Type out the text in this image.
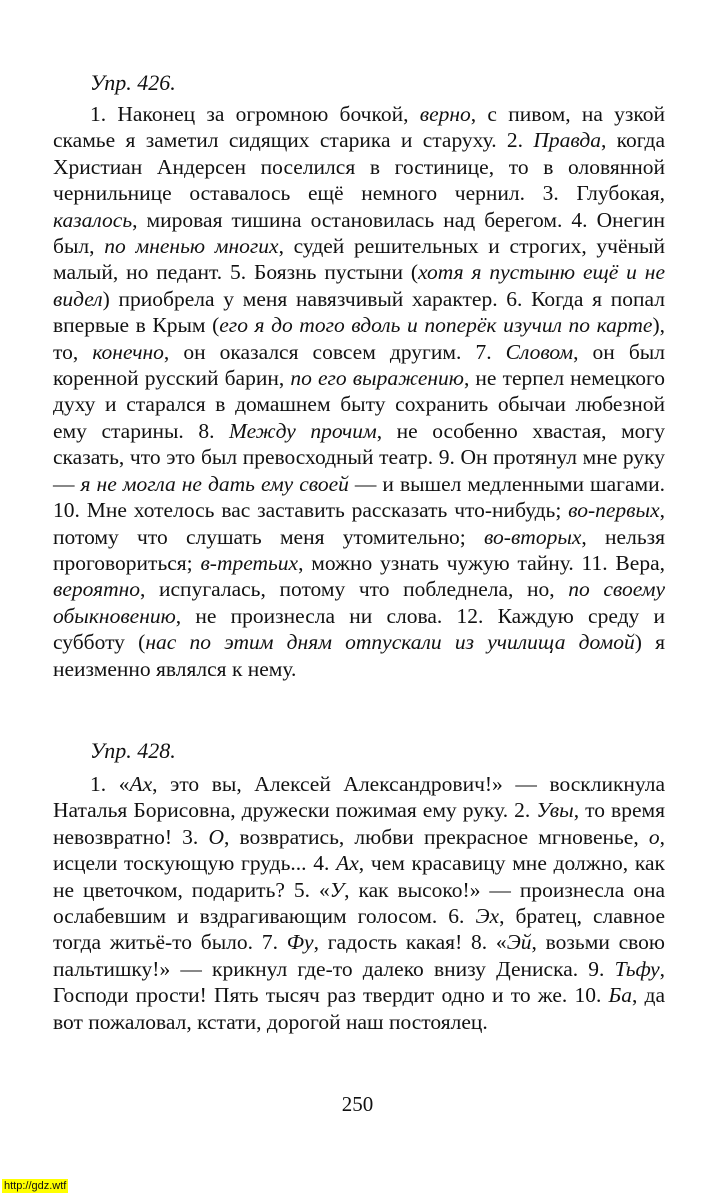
Упр. 426.

1. Наконец за огромною бочкой, верно, с пивом, на узкой скамье я заметил сидящих старика и старуху. 2. Правда, когда Христиан Андерсен поселился в гостинице, то в оловянной чернильнице оставалось ещё немного чернил. 3. Глубокая, казалось, мировая тишина остановилась над берегом. 4. Онегин был, по мненью многих, судей решительных и строгих, учёный малый, но педант. 5. Боязнь пустыни (хотя я пустыню ещё и не видел) приобрела у меня навязчивый характер. 6. Когда я попал впервые в Крым (его я до того вдоль и поперёк изучил по карте), то, конечно, он оказался совсем другим. 7. Словом, он был коренной русский барин, по его выражению, не терпел немецкого духу и старался в домашнем быту сохранить обычаи любезной ему старины. 8. Между прочим, не особенно хвастая, могу сказать, что это был превосходный театр. 9. Он протянул мне руку — я не могла не дать ему своей — и вышел медленными шагами. 10. Мне хотелось вас заставить рассказать что-нибудь; во-первых, потому что слушать меня утомительно; во-вторых, нельзя проговориться; в-третьих, можно узнать чужую тайну. 11. Вера, вероятно, испугалась, потому что побледнела, но, по своему обыкновению, не произнесла ни слова. 12. Каждую среду и субботу (нас по этим дням отпускали из училища домой) я неизменно являлся к нему.

Упр. 428.

1. «Ах, это вы, Алексей Александрович!» — воскликнула Наталья Борисовна, дружески пожимая ему руку. 2. Увы, то время невозвратно! 3. О, возвратись, любви прекрасное мгновенье, о, исцели тоскующую грудь... 4. Ах, чем красавицу мне должно, как не цветочком, подарить? 5. «У, как высоко!» — произнесла она ослабевшим и вздрагивающим голосом. 6. Эх, братец, славное тогда житьё-то было. 7. Фу, гадость какая! 8. «Эй, возьми свою пальтишку!» — крикнул где-то далеко внизу Дениска. 9. Тьфу, Господи прости! Пять тысяч раз твердит одно и то же. 10. Ба, да вот пожаловал, кстати, дорогой наш постоялец.

250
http://gdz.wtf
